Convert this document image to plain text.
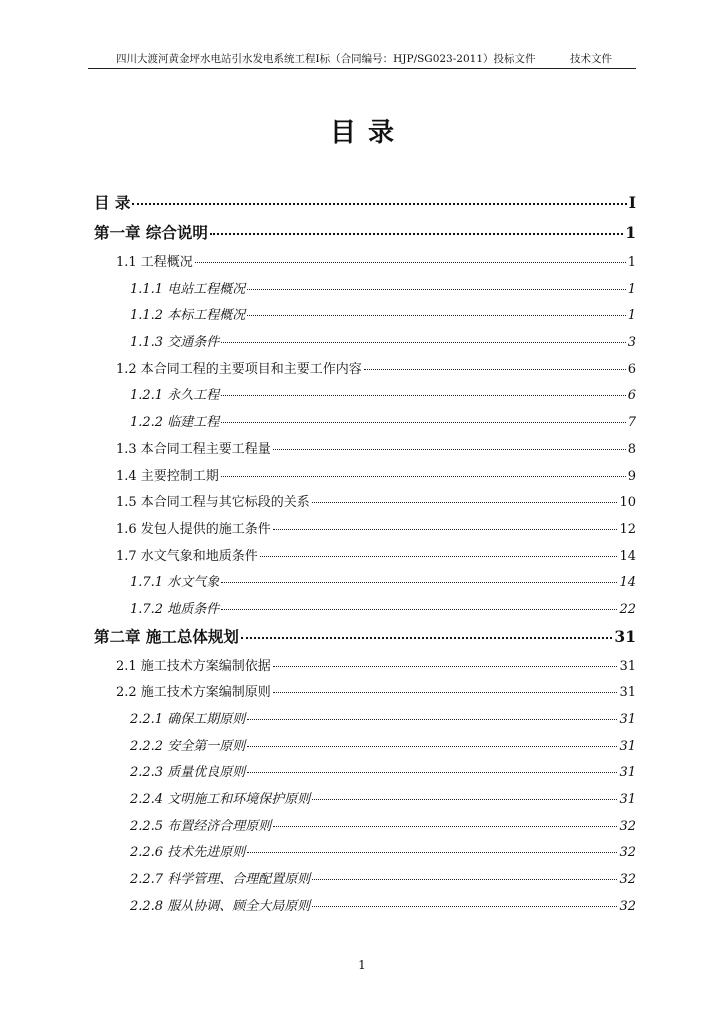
四川大渡河黄金坪水电站引水发电系统工程Ⅰ标（合同编号：HJP/SG023-2011）投标文件	技术文件
目录
目 录	I
第一章 综合说明	1
1.1 工程概况	1
1.1.1 电站工程概况	1
1.1.2 本标工程概况	1
1.1.3 交通条件	3
1.2 本合同工程的主要项目和主要工作内容	6
1.2.1 永久工程	6
1.2.2 临建工程	7
1.3 本合同工程主要工程量	8
1.4 主要控制工期	9
1.5 本合同工程与其它标段的关系	10
1.6 发包人提供的施工条件	12
1.7 水文气象和地质条件	14
1.7.1 水文气象	14
1.7.2 地质条件	22
第二章 施工总体规划	31
2.1 施工技术方案编制依据	31
2.2 施工技术方案编制原则	31
2.2.1 确保工期原则	31
2.2.2 安全第一原则	31
2.2.3 质量优良原则	31
2.2.4 文明施工和环境保护原则	31
2.2.5 布置经济合理原则	32
2.2.6 技术先进原则	32
2.2.7 科学管理、合理配置原则	32
2.2.8 服从协调、顾全大局原则	32
1
